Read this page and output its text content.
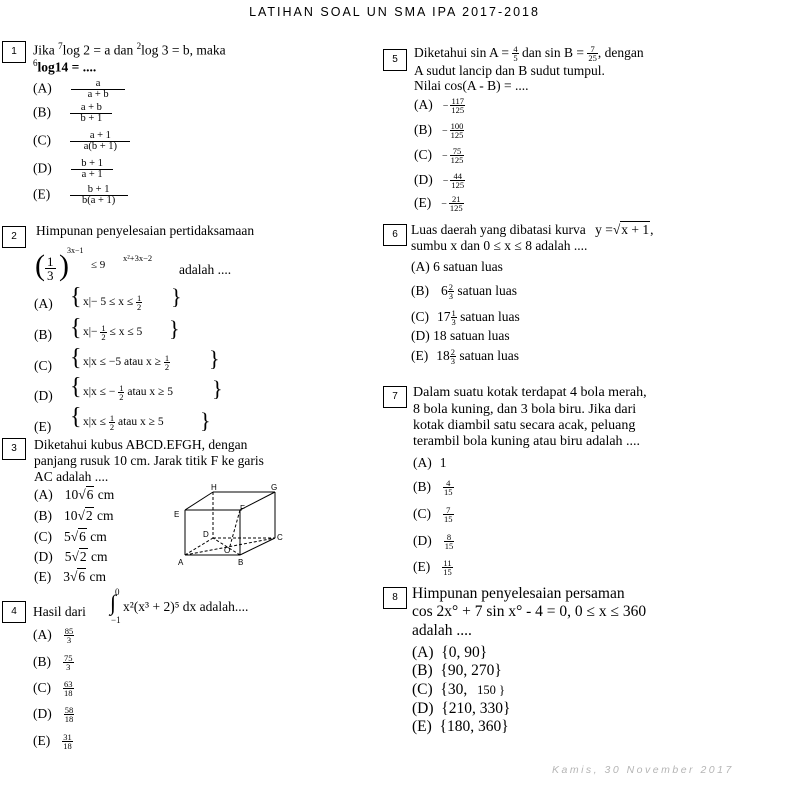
LATIHAN SOAL UN SMA IPA 2017-2018
1	Jika $^7$log 2 = a dan $^2$log 3 = b, maka
$^6$log14 = ....
$(A) \frac{a}{a + b}$
$(B) \frac{a + b}{b + 1}$
$(C) \frac{a + 1}{a(b + 1)}$
$(D) \frac{b + 1}{a + 1}$
$(E) \frac{b + 1}{b(a + 1)}$
2	Himpunan penyelesaian pertidaksamaan
( $\frac{1}{3}$ )
3x−1
≤ 9
x²+3x−2
adalah ....
(A) { $x|- 5 \le x \le \frac{1}{2}$ }
(B) { $x|- \frac{1}{2} \le x \le 5$ }
(C) { x|x ≤ −5 atau $x \ge \frac{1}{2}$ }
(D) { x|x ≤ − $\frac{1}{2}$ atau x ≥ 5 }
(E) { $x|x \le \frac{1}{2}$ atau x ≥ 5 }
3	Diketahui kubus ABCD.EFGH, dengan
panjang rusuk 10 cm. Jarak titik F ke garis
AC adalah ....
(A) 10√6 cm
(B) 10√2 cm
(C) 5√6 cm
(D) 5√2 cm
(E) 3√6 cm
A	B
C
D
E
F
G
H
O
4	Hasil dari
0
∫
−1
x²(x³ + 2)⁵ dx adalah....
$(A) \frac{85}{3}$
$(B) \frac{75}{3}$
$(C) \frac{63}{18}$
$(D) \frac{58}{18}$
$(E) \frac{31}{18}$
5	Diketahui $\sin A = \frac{4}{5}$ dan $\sin B = \frac{7}{25}$ , dengan
A sudut lancip dan B sudut tumpul.
Nilai cos(A - B) = ....
$(A) - \frac{117}{125}$
$(B) - \frac{100}{125}$
$(C) - \frac{75}{125}$
$(D) - \frac{44}{125}$
$(E) - \frac{21}{125}$
6 Luas daerah yang dibatasi kurva y =√x + 1,
sumbu x dan 0 ≤ x ≤ 8 adalah ....
(A) 6 satuan luas
(B) $6 \frac{2}{3}$ satuan luas
(C) $17 \frac{1}{3}$ satuan luas
(D) 18 satuan luas
(E) $18 \frac{2}{3}$ satuan luas
7	Dalam suatu kotak terdapat 4 bola merah,
8 bola kuning, dan 3 bola biru. Jika dari
kotak diambil satu secara acak, peluang
terambil bola kuning atau biru adalah ....
(A) 1
$(B) \frac{4}{15}$
$(C) \frac{7}{15}$
$(D) \frac{8}{15}$
$(E) \frac{11}{15}$
8 Himpunan penyelesaian persaman
cos 2x° + 7 sin x° - 4 = 0, 0 ≤ x ≤ 360
adalah ....
(A) {0, 90}
(B) {90, 270}
(C) {30, 150 }
(D) {210, 330}
(E) {180, 360}
Kamis, 30 November 2017
